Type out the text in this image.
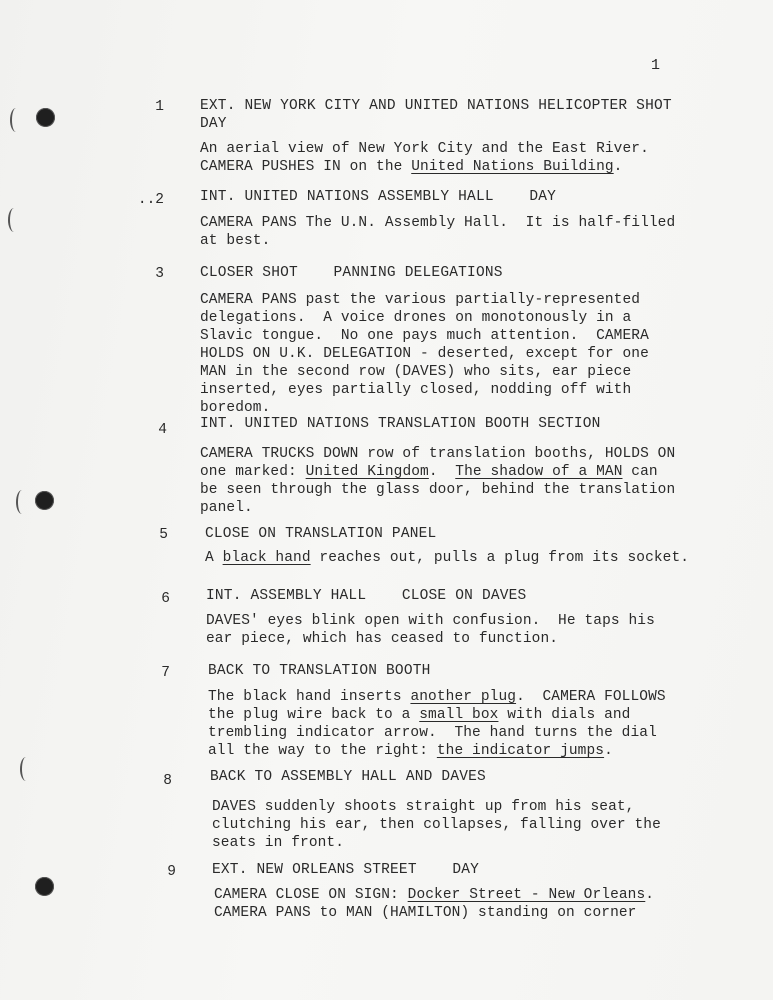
1
1 EXT. NEW YORK CITY AND UNITED NATIONS HELICOPTER SHOT
DAY
An aerial view of New York City and the East River.
CAMERA PUSHES IN on the United Nations Building.
..2 INT. UNITED NATIONS ASSEMBLY HALL    DAY
CAMERA PANS The U.N. Assembly Hall.  It is half-filled
at best.
3 CLOSER SHOT    PANNING DELEGATIONS
CAMERA PANS past the various partially-represented
delegations.  A voice drones on monotonously in a
Slavic tongue.  No one pays much attention.  CAMERA
HOLDS ON U.K. DELEGATION - deserted, except for one
MAN in the second row (DAVES) who sits, ear piece
inserted, eyes partially closed, nodding off with
boredom.
4 INT. UNITED NATIONS TRANSLATION BOOTH SECTION
CAMERA TRUCKS DOWN row of translation booths, HOLDS ON
one marked: United Kingdom.  The shadow of a MAN can
be seen through the glass door, behind the translation
panel.
5	CLOSE ON TRANSLATION PANEL
A black hand reaches out, pulls a plug from its socket.
6 INT. ASSEMBLY HALL    CLOSE ON DAVES
DAVES' eyes blink open with confusion.  He taps his
ear piece, which has ceased to function.
7	BACK TO TRANSLATION BOOTH
The black hand inserts another plug.  CAMERA FOLLOWS
the plug wire back to a small box with dials and
trembling indicator arrow.  The hand turns the dial
all the way to the right: the indicator jumps.
8	BACK TO ASSEMBLY HALL AND DAVES
DAVES suddenly shoots straight up from his seat,
clutching his ear, then collapses, falling over the
seats in front.
9 EXT. NEW ORLEANS STREET    DAY
CAMERA CLOSE ON SIGN: Docker Street - New Orleans.
CAMERA PANS to MAN (HAMILTON) standing on corner
